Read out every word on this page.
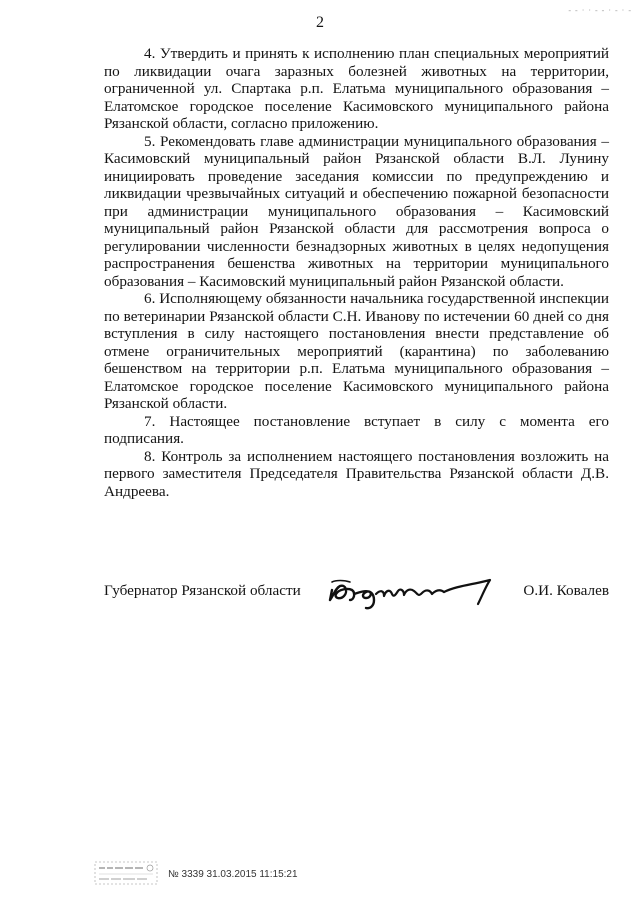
2
- - · · - - · - · -

4. Утвердить и принять к исполнению план специальных мероприятий по ликвидации очага заразных болезней животных на территории, ограниченной ул. Спартака р.п. Елатьма муниципального образования – Елатомское городское поселение Касимовского муниципального района Рязанской области, согласно приложению.

5. Рекомендовать главе администрации муниципального образования – Касимовский муниципальный район Рязанской области В.Л. Лунину инициировать проведение заседания комиссии по предупреждению и ликвидации чрезвычайных ситуаций и обеспечению пожарной безопасности при администрации муниципального образования – Касимовский муниципальный район Рязанской области для рассмотрения вопроса о регулировании численности безнадзорных животных в целях недопущения распространения бешенства животных на территории муниципального образования – Касимовский муниципальный район Рязанской области.

6. Исполняющему обязанности начальника государственной инспекции по ветеринарии Рязанской области С.Н. Иванову по истечении 60 дней со дня вступления в силу настоящего постановления внести представление об отмене ограничительных мероприятий (карантина) по заболеванию бешенством на территории р.п. Елатьма муниципального образования – Елатомское городское поселение Касимовского муниципального района Рязанской области.

7. Настоящее постановление вступает в силу с момента его подписания.

8. Контроль за исполнением настоящего постановления возложить на первого заместителя Председателя Правительства Рязанской области Д.В. Андреева.

Губернатор Рязанской области	О.И. Ковалев
№ 3339 31.03.2015 11:15:21
